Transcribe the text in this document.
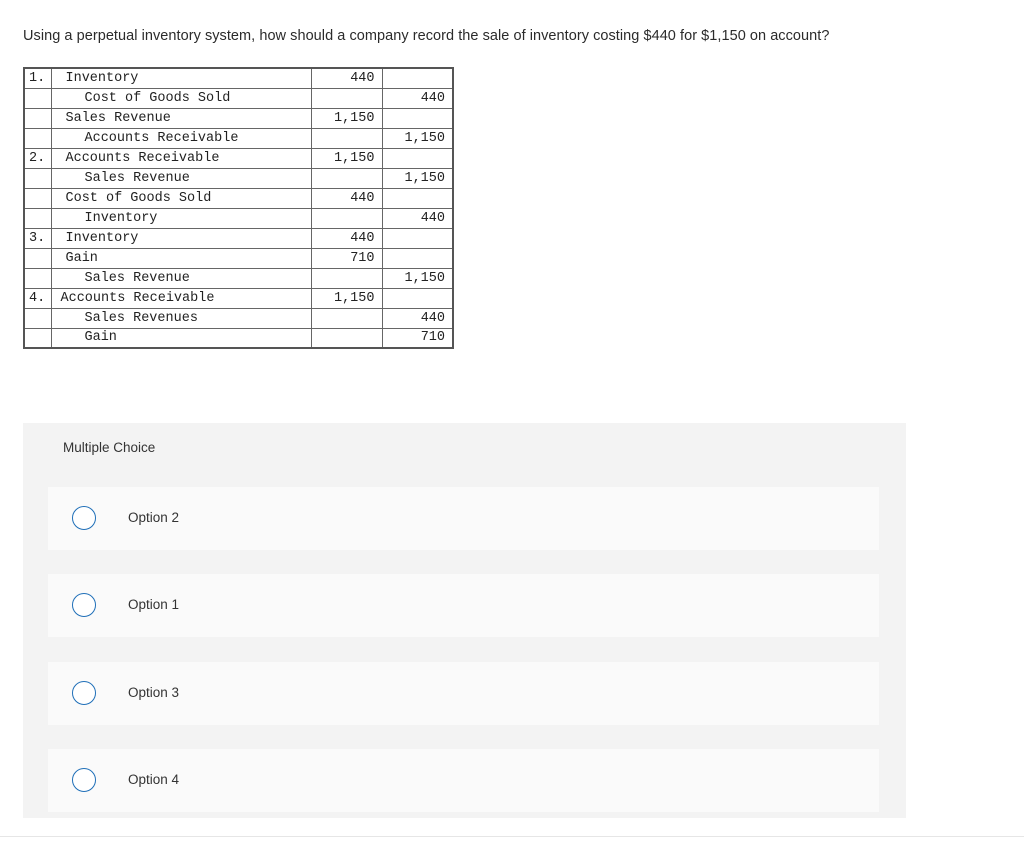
Using a perpetual inventory system, how should a company record the sale of inventory costing $440 for $1,150 on account?
1.	Inventory	440	
	Cost of Goods Sold		440
	Sales Revenue	1,150	
	Accounts Receivable		1,150
2.	Accounts Receivable	1,150	
	Sales Revenue		1,150
	Cost of Goods Sold	440	
	Inventory		440
3.	Inventory	440	
	Gain	710	
	Sales Revenue		1,150
4.	Accounts Receivable	1,150	
	Sales Revenues		440
	Gain		710
Multiple Choice
Option 2
Option 1
Option 3
Option 4
